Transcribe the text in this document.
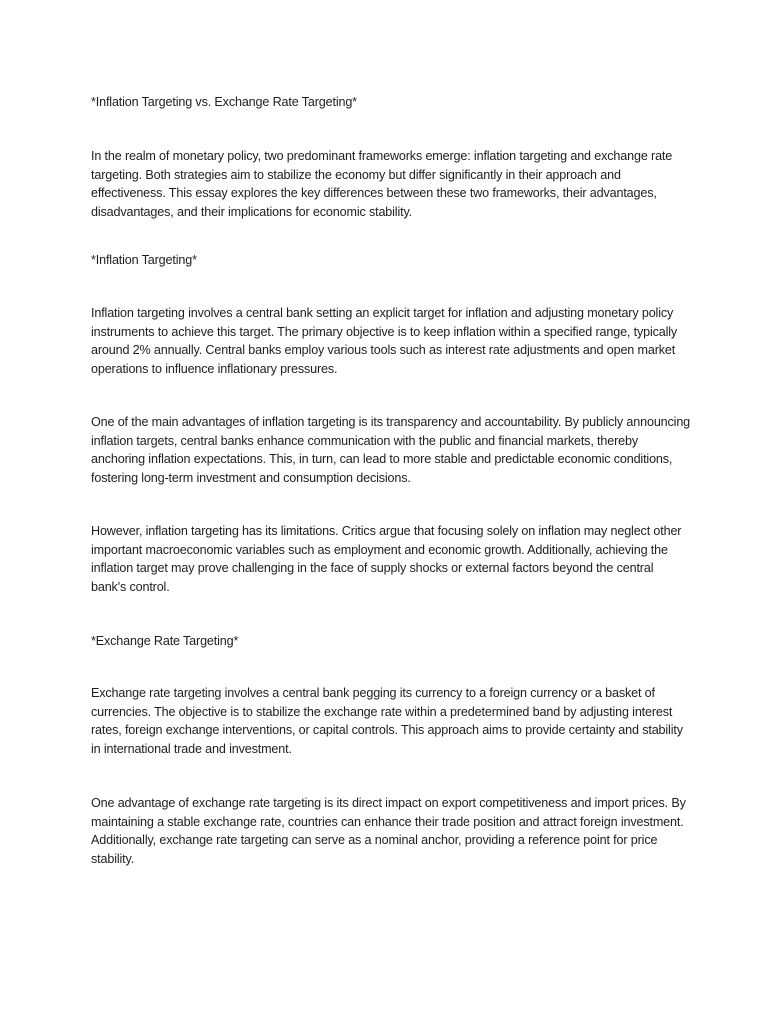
*Inflation Targeting vs. Exchange Rate Targeting*

In the realm of monetary policy, two predominant frameworks emerge: inflation targeting and exchange rate targeting. Both strategies aim to stabilize the economy but differ significantly in their approach and effectiveness. This essay explores the key differences between these two frameworks, their advantages, disadvantages, and their implications for economic stability.

*Inflation Targeting*

Inflation targeting involves a central bank setting an explicit target for inflation and adjusting monetary policy instruments to achieve this target. The primary objective is to keep inflation within a specified range, typically around 2% annually. Central banks employ various tools such as interest rate adjustments and open market operations to influence inflationary pressures.

One of the main advantages of inflation targeting is its transparency and accountability. By publicly announcing inflation targets, central banks enhance communication with the public and financial markets, thereby anchoring inflation expectations. This, in turn, can lead to more stable and predictable economic conditions, fostering long-term investment and consumption decisions.

However, inflation targeting has its limitations. Critics argue that focusing solely on inflation may neglect other important macroeconomic variables such as employment and economic growth. Additionally, achieving the inflation target may prove challenging in the face of supply shocks or external factors beyond the central bank's control.

*Exchange Rate Targeting*

Exchange rate targeting involves a central bank pegging its currency to a foreign currency or a basket of currencies. The objective is to stabilize the exchange rate within a predetermined band by adjusting interest rates, foreign exchange interventions, or capital controls. This approach aims to provide certainty and stability in international trade and investment.

One advantage of exchange rate targeting is its direct impact on export competitiveness and import prices. By maintaining a stable exchange rate, countries can enhance their trade position and attract foreign investment. Additionally, exchange rate targeting can serve as a nominal anchor, providing a reference point for price stability.
